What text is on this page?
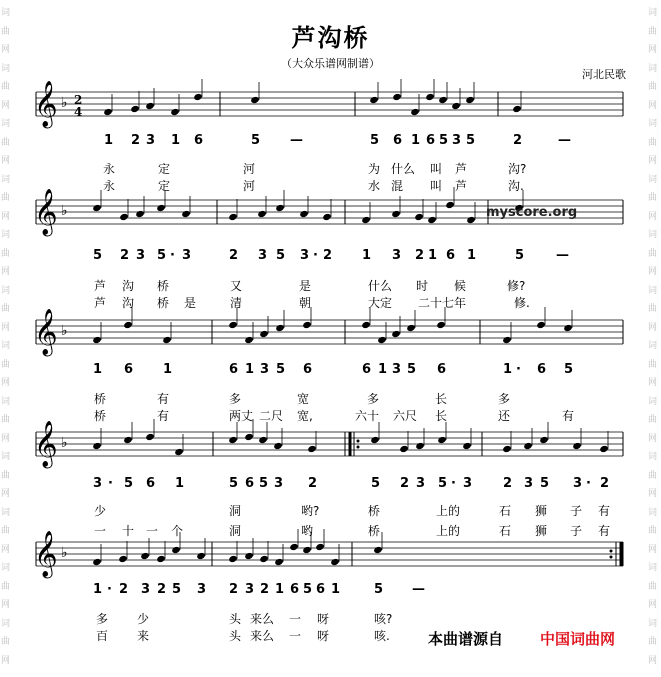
词
曲
网
词
曲
网
词
曲
网
词
曲
网
词
曲
网
词
曲
网
词
曲
网
词
曲
网
词
曲
网
词
曲
网
词
曲
网
词
曲
网
词
曲
网
词
曲
网
词
曲
网
词
曲
网
词
曲
网
词
曲
网
词
曲
网
词
曲
网
词
曲
网
词
曲
网
词
曲
网
词
曲
网
芦沟桥
（大众乐谱网制谱）
河北民歌
𝄞 ♭
𝄞 ♭
𝄞 ♭
𝄞 ♭
𝄞 ♭
2
4
1 2 3 1 6	5 —	5 6 1 6 5 3 5	2	—
永	定	河	为 什么 叫 芦	沟?
永	定	河	水 混 叫 芦	沟.
5 2 3 5 · 3	2 3 5 3 · 2 1 3 2 1 6 1	5 —
芦 沟 桥	又	是	什么 时 候	修?
芦 沟 桥 是	清	朝	大定 二十七年	修.
1 6 1	6 1 3 5 6	6 1 3 5 6	1 · 6 5
桥	有	多	宽	多	长	多
桥	有	两丈 二尺 宽,	六十 六尺 长	还	有
3 · 5 6 1	5 6 5 3 2	5 2 3 5 · 3 2 3 5 3 · 2
少	洞	哟?	桥	上的	石 狮 子 有
一 十 一 个	洞	哟	桥	上的	石 狮 子 有
1 · 2 3 2 5 3 2 3 2 1 6 5 6 1	5 —
多 少	头 来么 一 呀	咳?
百 来	头 来么 一 呀	咳.
myscore.org
本曲谱源自 中国词曲网
